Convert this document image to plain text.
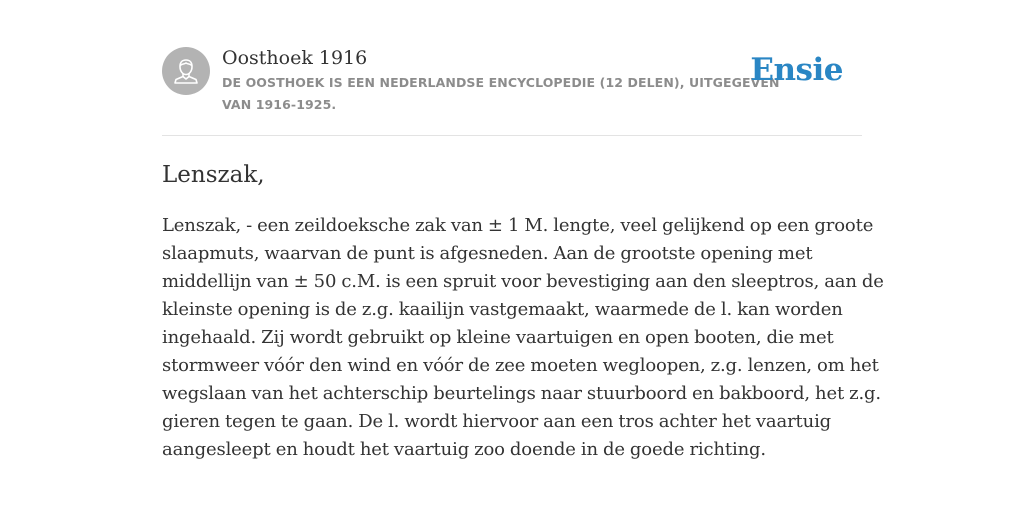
Oosthoek 1916
DE OOSTHOEK IS EEN NEDERLANDSE ENCYCLOPEDIE (12 DELEN), UITGEGEVEN
VAN 1916-1925.
Ensie
Lenszak,
Lenszak, - een zeildoeksche zak van ± 1 M. lengte, veel gelijkend op een groote
slaapmuts, waarvan de punt is afgesneden. Aan de grootste opening met
middellijn van ± 50 c.M. is een spruit voor bevestiging aan den sleeptros, aan de
kleinste opening is de z.g. kaailijn vastgemaakt, waarmede de l. kan worden
ingehaald. Zij wordt gebruikt op kleine vaartuigen en open booten, die met
stormweer vóór den wind en vóór de zee moeten wegloopen, z.g. lenzen, om het
wegslaan van het achterschip beurtelings naar stuurboord en bakboord, het z.g.
gieren tegen te gaan. De l. wordt hiervoor aan een tros achter het vaartuig
aangesleept en houdt het vaartuig zoo doende in de goede richting.
